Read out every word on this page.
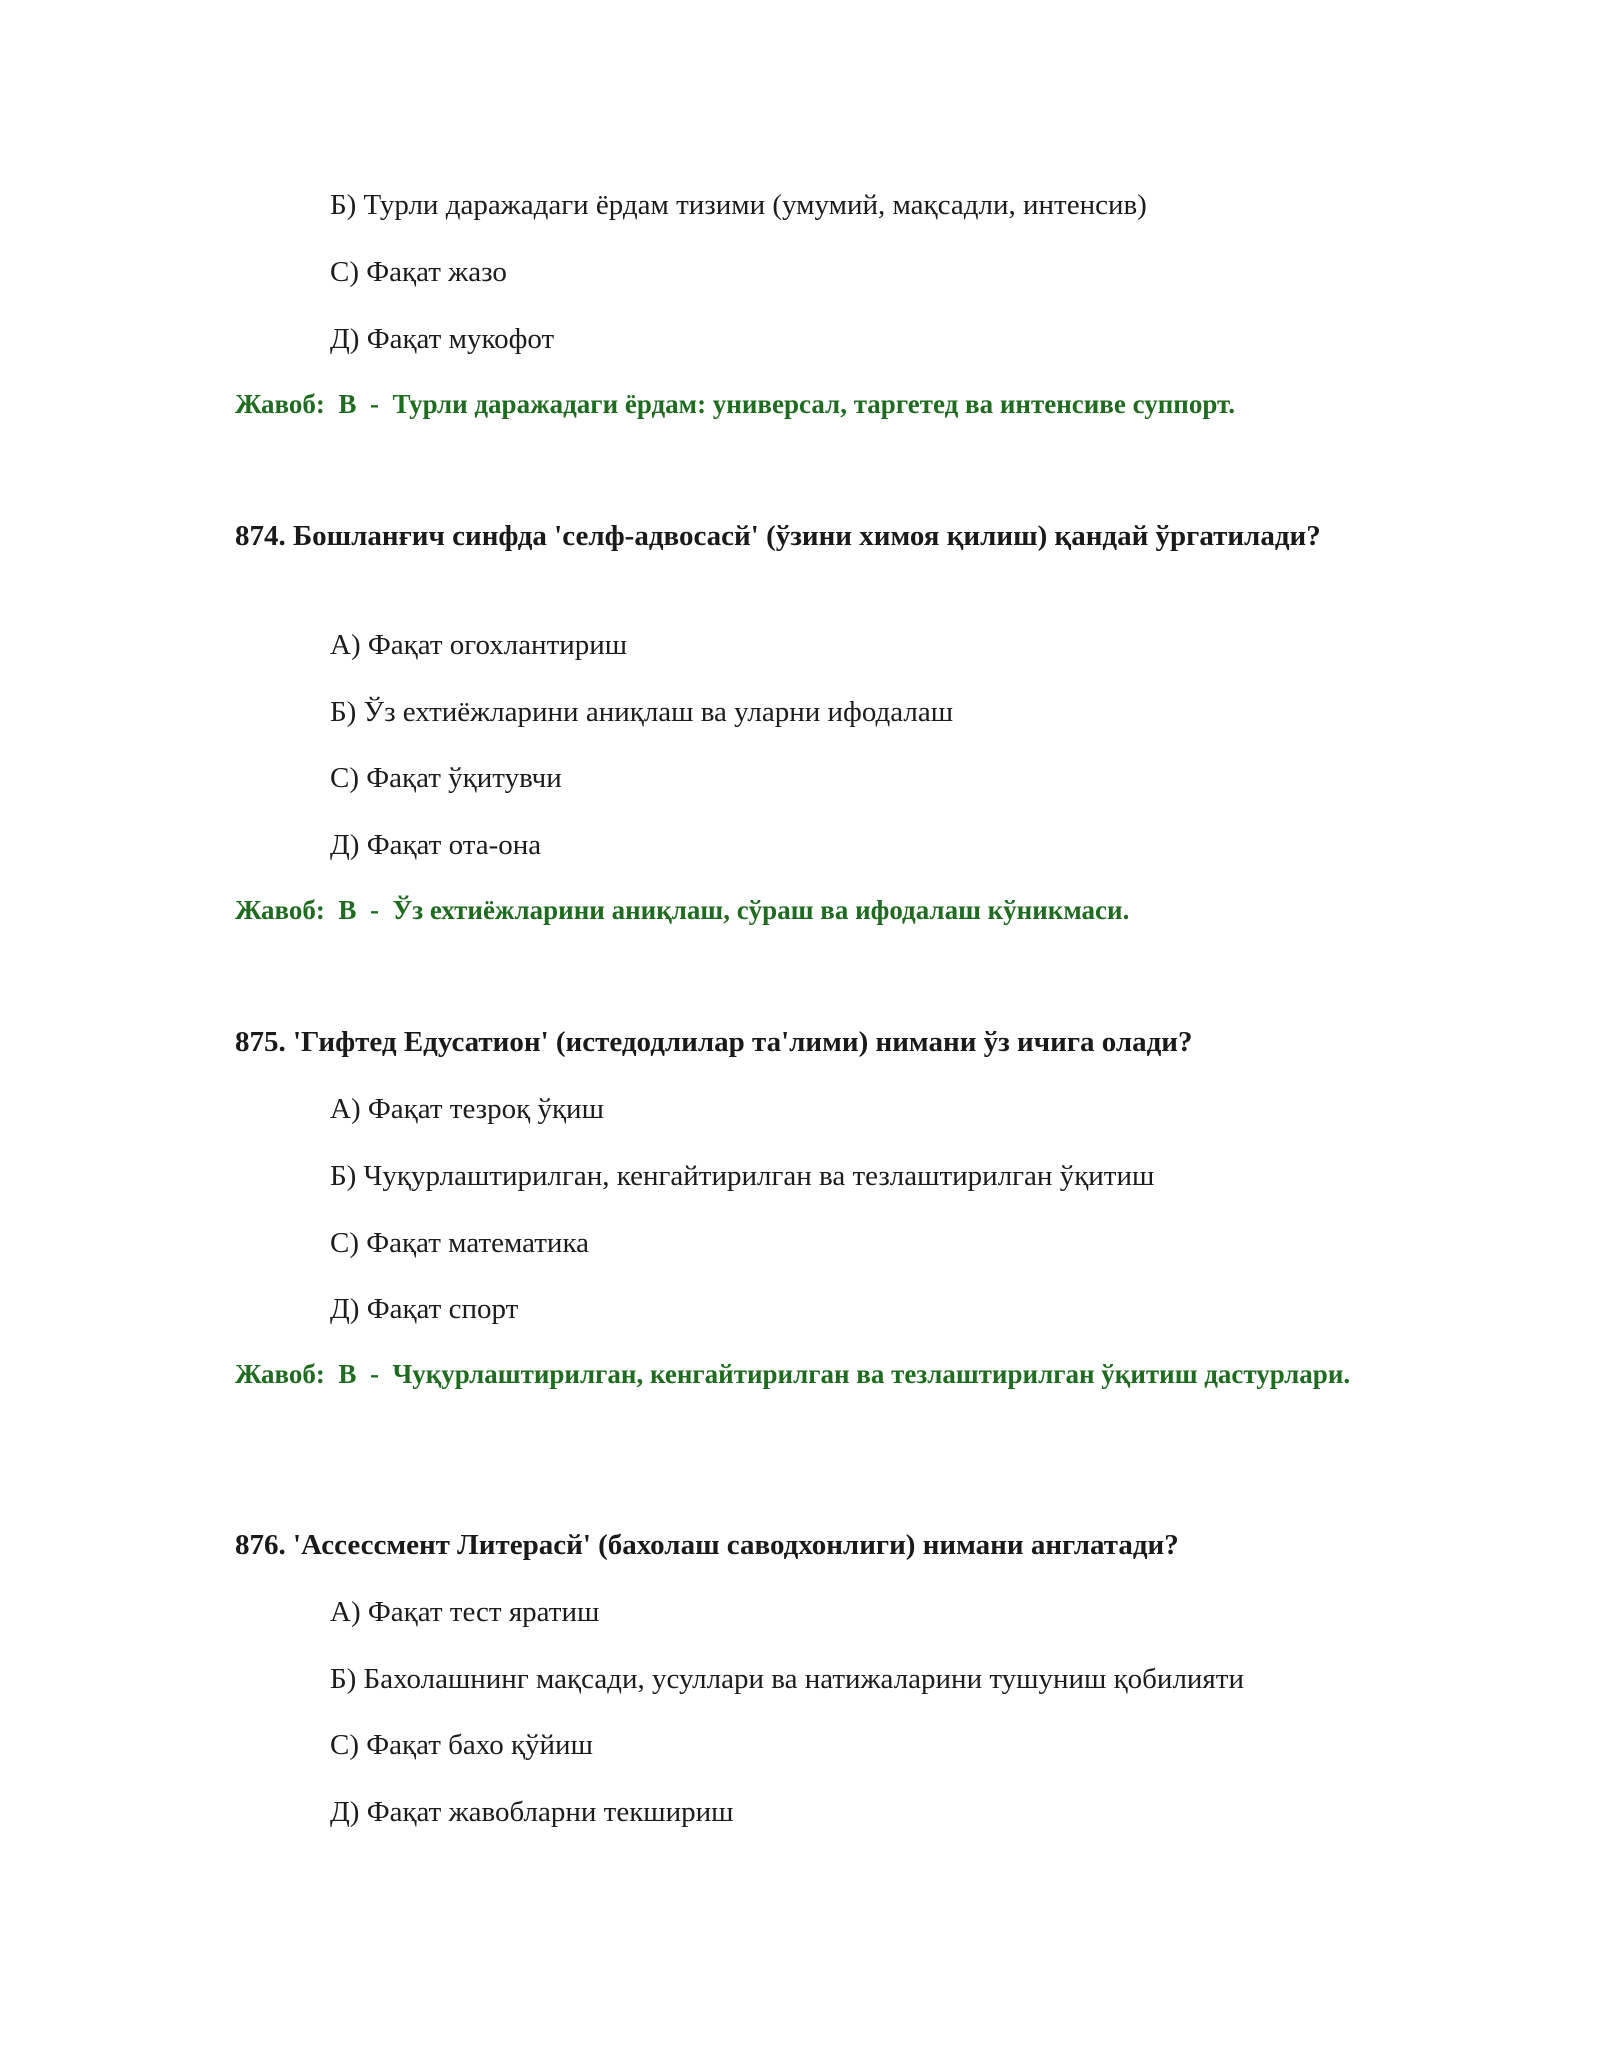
Б) Турли даражадаги ёрдам тизими (умумий, мақсадли, интенсив)
С) Фақат жазо
Д) Фақат мукофот
Жавоб: В - Турли даражадаги ёрдам: универсал, таргетед ва интенсиве суппорт.
874. Бошланғич синфда 'селф-адвосасй' (ўзини химоя қилиш) қандай ўргатилади?
А) Фақат огохлантириш
Б) Ўз ехтиёжларини аниқлаш ва уларни ифодалаш
С) Фақат ўқитувчи
Д) Фақат ота-она
Жавоб: В - Ўз ехтиёжларини аниқлаш, сўраш ва ифодалаш кўникмаси.
875. 'Гифтед Едусатион' (истедодлилар та'лими) нимани ўз ичига олади?
А) Фақат тезроқ ўқиш
Б) Чуқурлаштирилган, кенгайтирилган ва тезлаштирилган ўқитиш
С) Фақат математика
Д) Фақат спорт
Жавоб: В - Чуқурлаштирилган, кенгайтирилган ва тезлаштирилган ўқитиш дастурлари.
876. 'Ассессмент Литерасй' (бахолаш саводхонлиги) нимани англатади?
А) Фақат тест яратиш
Б) Бахолашнинг мақсади, усуллари ва натижаларини тушуниш қобилияти
С) Фақат бахо қўйиш
Д) Фақат жавобларни текшириш
